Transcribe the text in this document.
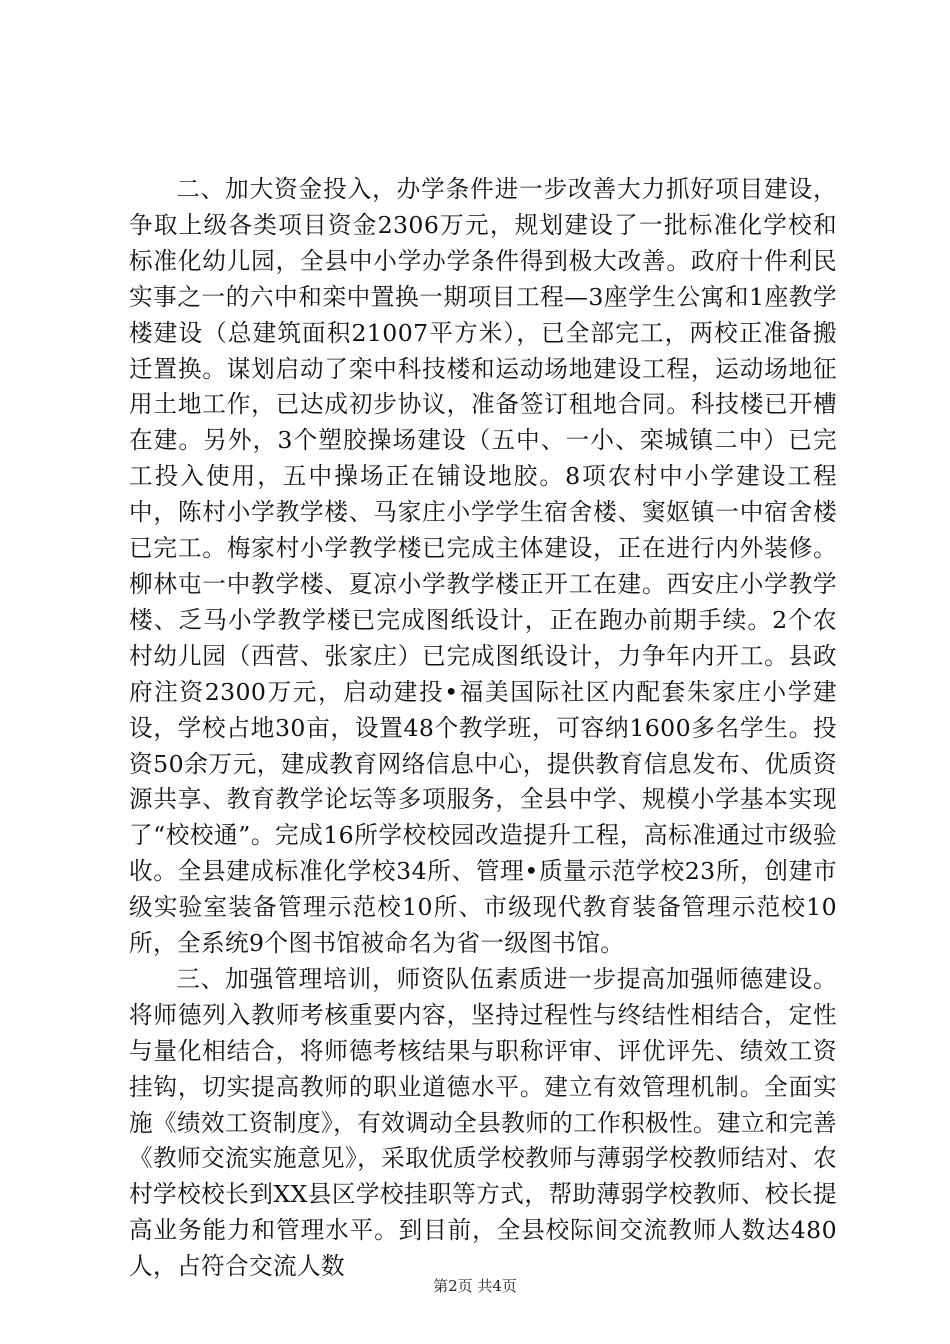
二、加大资金投入，办学条件进一步改善大力抓好项目建设，争取上级各类项目资金2306万元，规划建设了一批标准化学校和标准化幼儿园，全县中小学办学条件得到极大改善。政府十件利民实事之一的六中和栾中置换一期项目工程—3座学生公寓和1座教学楼建设（总建筑面积21007平方米），已全部完工，两校正准备搬迁置换。谋划启动了栾中科技楼和运动场地建设工程，运动场地征用土地工作，已达成初步协议，准备签订租地合同。科技楼已开槽在建。另外，3个塑胶操场建设（五中、一小、栾城镇二中）已完工投入使用，五中操场正在铺设地胶。8项农村中小学建设工程中，陈村小学教学楼、马家庄小学学生宿舍楼、窦妪镇一中宿舍楼已完工。梅家村小学教学楼已完成主体建设，正在进行内外装修。柳林屯一中教学楼、夏凉小学教学楼正开工在建。西安庄小学教学楼、乏马小学教学楼已完成图纸设计，正在跑办前期手续。2个农村幼儿园（西营、张家庄）已完成图纸设计，力争年内开工。县政府注资2300万元，启动建投•福美国际社区内配套朱家庄小学建设，学校占地30亩，设置48个教学班，可容纳1600多名学生。投资50余万元，建成教育网络信息中心，提供教育信息发布、优质资源共享、教育教学论坛等多项服务，全县中学、规模小学基本实现了“校校通”。完成16所学校校园改造提升工程，高标准通过市级验收。全县建成标准化学校34所、管理•质量示范学校23所，创建市级实验室装备管理示范校10所、市级现代教育装备管理示范校10所，全系统9个图书馆被命名为省一级图书馆。

三、加强管理培训，师资队伍素质进一步提高加强师德建设。将师德列入教师考核重要内容，坚持过程性与终结性相结合，定性与量化相结合，将师德考核结果与职称评审、评优评先、绩效工资挂钩，切实提高教师的职业道德水平。建立有效管理机制。全面实施《绩效工资制度》，有效调动全县教师的工作积极性。建立和完善《教师交流实施意见》，采取优质学校教师与薄弱学校教师结对、农村学校校长到XX县区学校挂职等方式，帮助薄弱学校教师、校长提高业务能力和管理水平。到目前，全县校际间交流教师人数达480人，占符合交流人数

第2页 共4页
